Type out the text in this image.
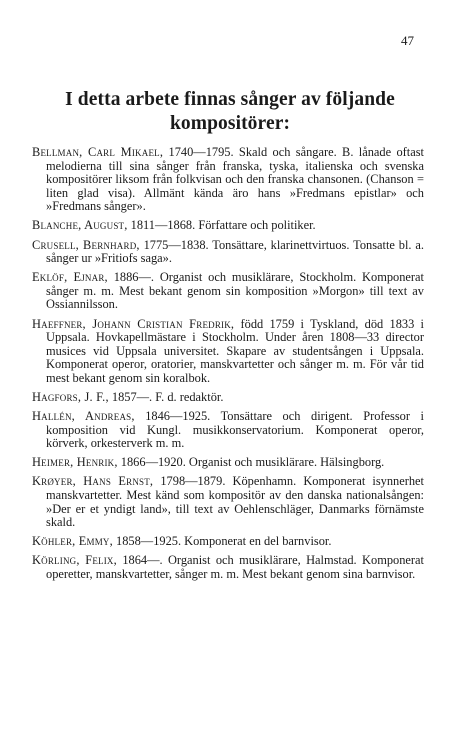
47
I detta arbete finnas sånger av följande
kompositörer:

Bellman, Carl Mikael, 1740—1795. Skald och sångare. B. lånade oftast melodierna till sina sånger från franska, tyska, italienska och svenska kompositörer liksom från folkvisan och den franska chansonen. (Chanson = liten glad visa). Allmänt kända äro hans »Fredmans epistlar» och »Fredmans sånger».

Blanche, August, 1811—1868. Författare och politiker.

Crusell, Bernhard, 1775—1838. Tonsättare, klarinettvirtuos. Tonsatte bl. a. sånger ur »Fritiofs saga».

Eklöf, Ejnar, 1886—. Organist och musiklärare, Stockholm. Komponerat sånger m. m. Mest bekant genom sin komposition »Morgon» till text av Ossiannilsson.

Haeffner, Johann Cristian Fredrik, född 1759 i Tyskland, död 1833 i Uppsala. Hovkapellmästare i Stockholm. Under åren 1808—33 director musices vid Uppsala universitet. Skapare av studentsången i Uppsala. Komponerat operor, oratorier, manskvartetter och sånger m. m. För vår tid mest bekant genom sin koralbok.

Hagfors, J. F., 1857—. F. d. redaktör.

Hallén, Andreas, 1846—1925. Tonsättare och dirigent. Professor i komposition vid Kungl. musikkonservatorium. Komponerat operor, körverk, orkesterverk m. m.

Heimer, Henrik, 1866—1920. Organist och musiklärare. Hälsingborg.

Krøyer, Hans Ernst, 1798—1879. Köpenhamn. Komponerat isynnerhet manskvartetter. Mest känd som kompositör av den danska nationalsången: »Der er et yndigt land», till text av Oehlenschläger, Danmarks förnämste skald.

Köhler, Emmy, 1858—1925. Komponerat en del barnvisor.

Körling, Felix, 1864—. Organist och musiklärare, Halmstad. Komponerat operetter, manskvartetter, sånger m. m. Mest bekant genom sina barnvisor.
